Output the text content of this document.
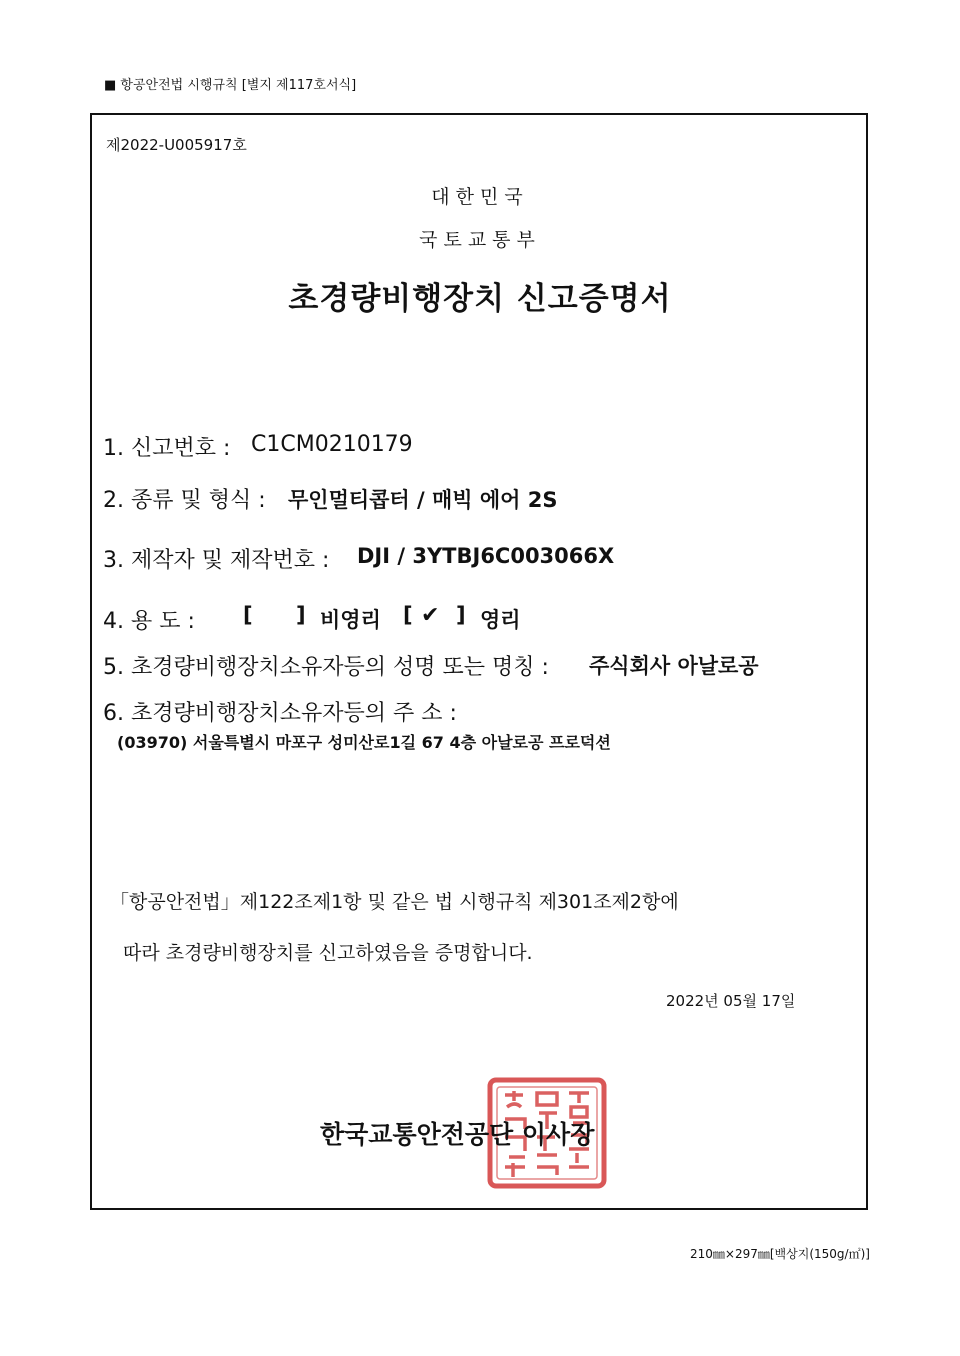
■ 항공안전법 시행규칙 [별지 제117호서식]
제2022-U005917호
대한민국
국토교통부
초경량비행장치 신고증명서
1. 신고번호 : C1CM0210179
2. 종류 및 형식 : 무인멀티콥터 / 매빅 에어 2S
3. 제작자 및 제작번호 : DJI / 3YTBJ6C003066X
4. 용 도 : [ ] 비영리 [ ✔ ] 영리
5. 초경량비행장치소유자등의 성명 또는 명칭 : 주식회사 아날로공
6. 초경량비행장치소유자등의 주 소 :
(03970) 서울특별시 마포구 성미산로1길 67 4층 아날로공 프로덕션
「항공안전법」제122조제1항 및 같은 법 시행규칙 제301조제2항에
따라 초경량비행장치를 신고하였음을 증명합니다.
2022년 05월 17일
한국교통안전공단 이사장
210㎜×297㎜[백상지(150g/㎡)]
